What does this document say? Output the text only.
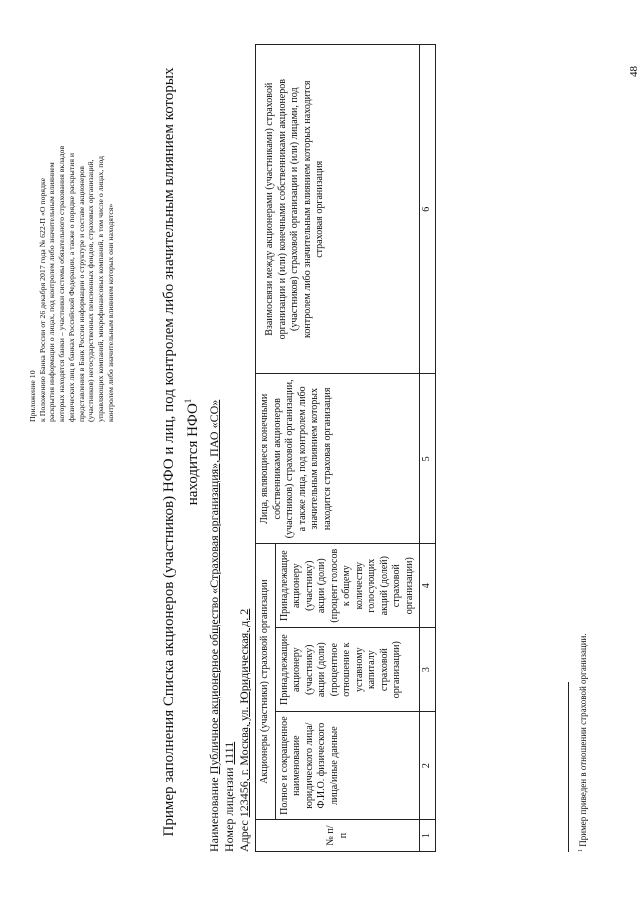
48
Приложение 10 к Положению Банка России от 26 декабря 2017 года № 622-П «О порядке раскрытия информации о лицах, под контролем либо значительным влиянием которых находятся банки – участники системы обязательного страхования вкладов физических лиц в банках Российской Федерации, а также о порядке раскрытия и представления в Банк России информации о структуре и составе акционеров (участников) негосударственных пенсионных фондов, страховых организаций, управляющих компаний, микрофинансовых компаний, в том числе о лицах, под контролем либо значительным влиянием которых они находятся»	Пример заполнения Списка акционеров (участников) НФО и лиц, под контролем либо значительным влиянием которых находится НФО$^1$
Наименование Публичное акционерное общество «Страховая организация», ПАО «СО»
Номер лицензии 1111
Адрес 123456, г. Москва, ул. Юридическая, д. 2
№ п/п	Акционеры (участники) страховой организации			Лица, являющиеся конечными собственниками акционеров (участников) страховой организации, а также лица, под контролем либо значительным влиянием которых находится страховая организация	Взаимосвязи между акционерами (участниками) страховой организации и (или) конечными собственниками акционеров (участников) страховой организации и (или) лицами, под контролем либо значительным влиянием которых находится страховая организация
	Полное и сокращенное наименование юридического лица/Ф.И.О. физического лица/иные данные	Принадлежащие акционеру (участнику) акции (доли) (процентное отношение к уставному капиталу страховой организации)	Принадлежащие акционеру (участнику) акции (доли) (процент голосов к общему количеству голосующих акций (долей) страховой организации)		
1	2	3	4	5	6
$^1$ Пример приведен в отношении страховой организации.
